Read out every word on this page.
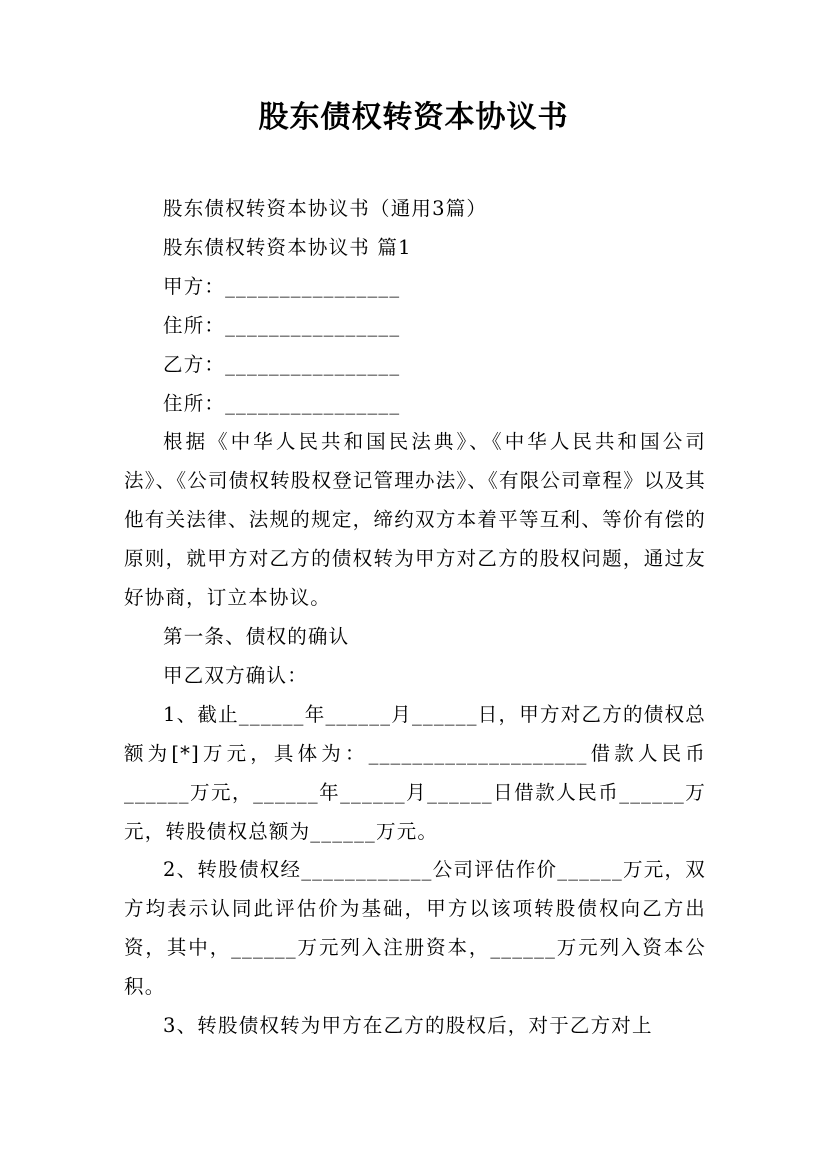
股东债权转资本协议书

股东债权转资本协议书（通用3篇）

股东债权转资本协议书 篇1

甲方：________________

住所：________________

乙方：________________

住所：________________

根据《中华人民共和国民法典》、《中华人民共和国公司法》、《公司债权转股权登记管理办法》、《有限公司章程》以及其他有关法律、法规的规定，缔约双方本着平等互利、等价有偿的原则，就甲方对乙方的债权转为甲方对乙方的股权问题，通过友好协商，订立本协议。

第一条、债权的确认

甲乙双方确认：

1、截止______年______月______日，甲方对乙方的债权总额为[*]万元，具体为：____________________借款人民币______万元，______年______月______日借款人民币______万元，转股债权总额为______万元。

2、转股债权经____________公司评估作价______万元，双方均表示认同此评估价为基础，甲方以该项转股债权向乙方出资，其中，______万元列入注册资本，______万元列入资本公积。

3、转股债权转为甲方在乙方的股权后，对于乙方对上
